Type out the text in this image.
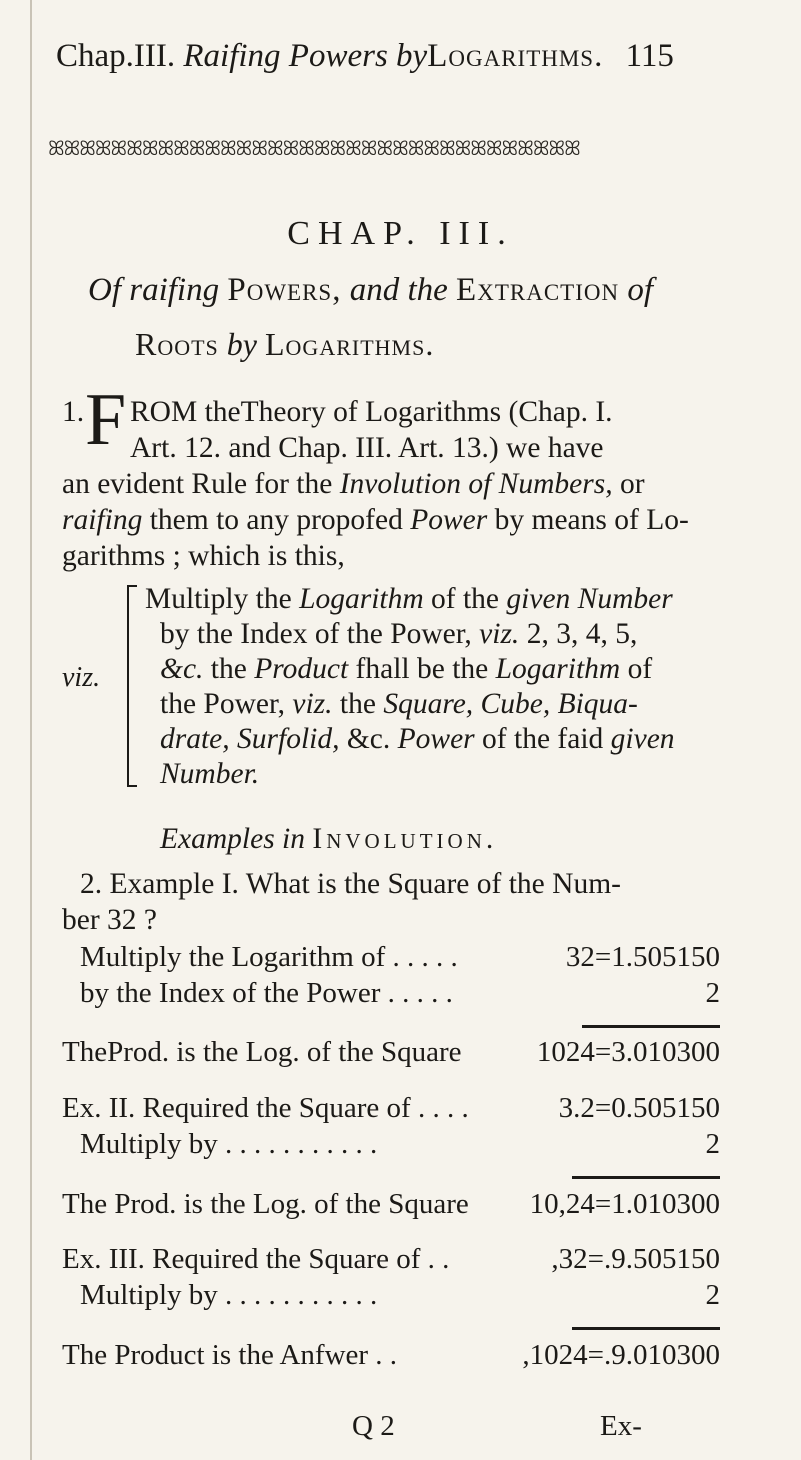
Chap.III. Raifing Powers byLogarithms. 115
ꕤꕤꕤꕤꕤꕤꕤꕤꕤꕤꕤꕤꕤꕤꕤꕤꕤꕤꕤꕤꕤꕤꕤꕤꕤꕤꕤꕤꕤꕤꕤꕤꕤꕤ
CHAP. III.
Of raifing Powers, and the Extraction of
Roots by Logarithms.
1. F ROM theTheory of Logarithms (Chap. I.
Art. 12. and Chap. III. Art. 13.) we have
an evident Rule for the Involution of Numbers, or
raifing them to any propofed Power by means of Lo-
garithms ; which is this,
viz.
Multiply the Logarithm of the given Number
by the Index of the Power, viz. 2, 3, 4, 5,
&c. the Product fhall be the Logarithm of
the Power, viz. the Square, Cube, Biqua-
drate, Surfolid, &c. Power of the faid given
Number.
Examples in Involution.
2. Example I. What is the Square of the Num-
ber 32 ?
Multiply the Logarithm of . . . . .	32=1.505150
by the Index of the Power . . . . .	2
TheProd. is the Log. of the Square	1024=3.010300
Ex. II. Required the Square of . . . .	3.2=0.505150
Multiply by . . . . . . . . . . .	2
The Prod. is the Log. of the Square 10,24=1.010300
Ex. III. Required the Square of . .	,32=.9.505150
Multiply by . . . . . . . . . . .	2
The Product is the Anfwer . .	,1024=.9.010300
Q 2	Ex-
